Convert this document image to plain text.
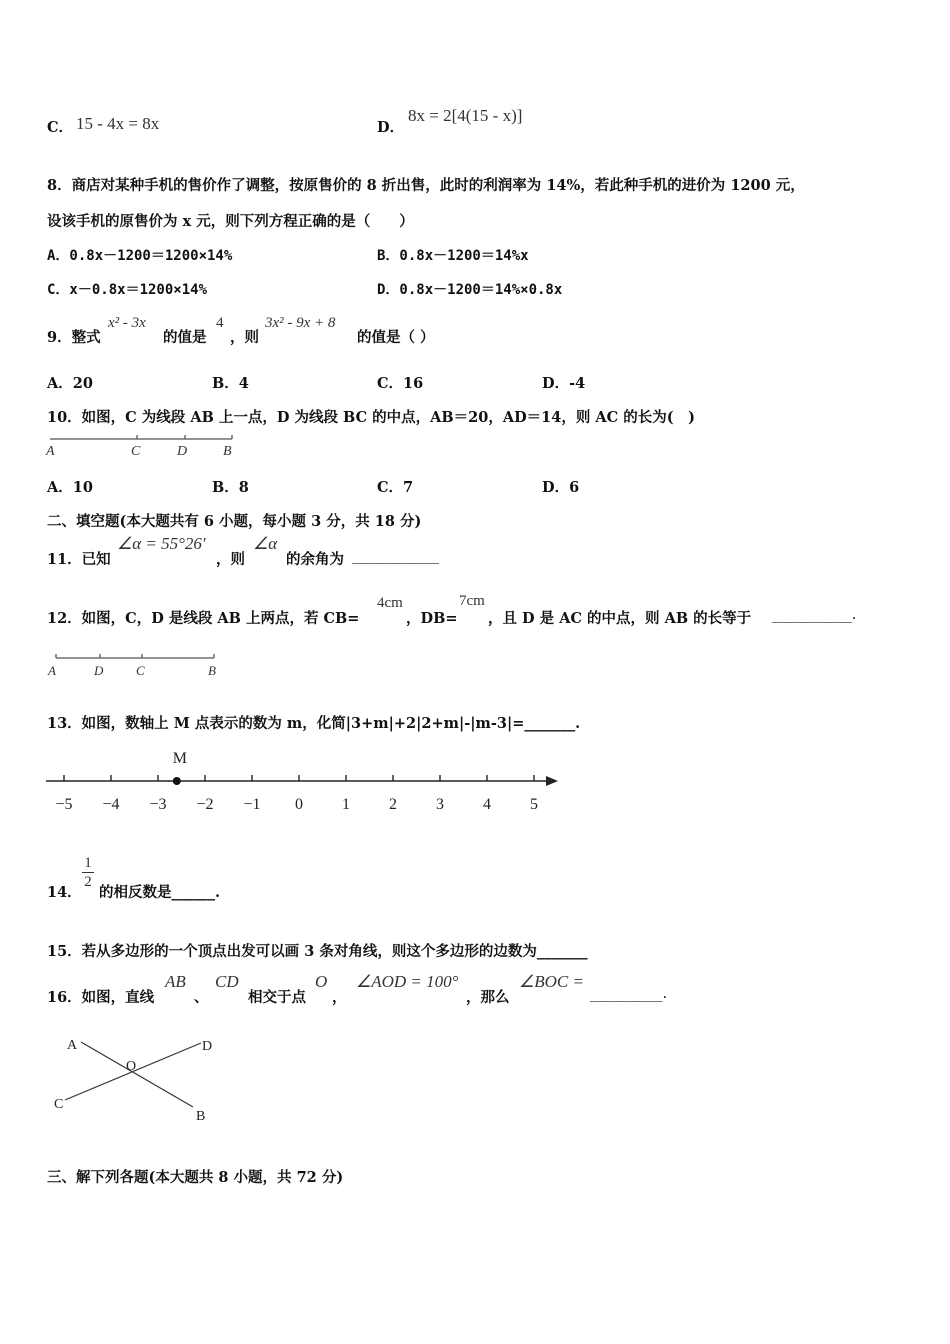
C． 15 - 4x = 8x	D．
8x = 2[4(15 - x)]
8．商店对某种手机的售价作了调整，按原售价的 8 折出售，此时的利润率为 14%，若此种手机的进价为 1200 元，
设该手机的原售价为 x 元，则下列方程正确的是（　　）
A．0.8x－1200＝1200×14%	B．0.8x－1200＝14%x
C．x－0.8x＝1200×14%	D．0.8x－1200＝14%×0.8x
9．整式
x² - 3x
的值是
4
，则
3x² - 9x + 8
的值是（ ）
A．20	B．4	C．16	D．-4
10．如图，C 为线段 AB 上一点，D 为线段 BC 的中点，AB＝20，AD＝14，则 AC 的长为(　)
A	C	D	B
A．10	B．8	C．7	D．6
二、填空题(本大题共有 6 小题，每小题 3 分，共 18 分)
11．已知
∠α = 55°26′
，则
∠α
的余角为 ____________
12．如图，C，D 是线段 AB 上两点，若 CB=
4cm
，DB=
7cm
，且 D 是 AC 的中点，则 AB 的长等于 ___________.
A	D	C	B
13．如图，数轴上 M 点表示的数为 m，化简|3+m|+2|2+m|-|m-3|=_______.
M
−5 −4 −3 −2 −1 0 1 2 3 4 5
14．
1
2
的相反数是______.
15．若从多边形的一个顶点出发可以画 3 条对角线，则这个多边形的边数为_______
16．如图，直线
AB
、
CD
相交于点
O
，
∠AOD = 100°
，那么
∠BOC =
__________.
A	D
O
C
B
三、解下列各题(本大题共 8 小题，共 72 分)
